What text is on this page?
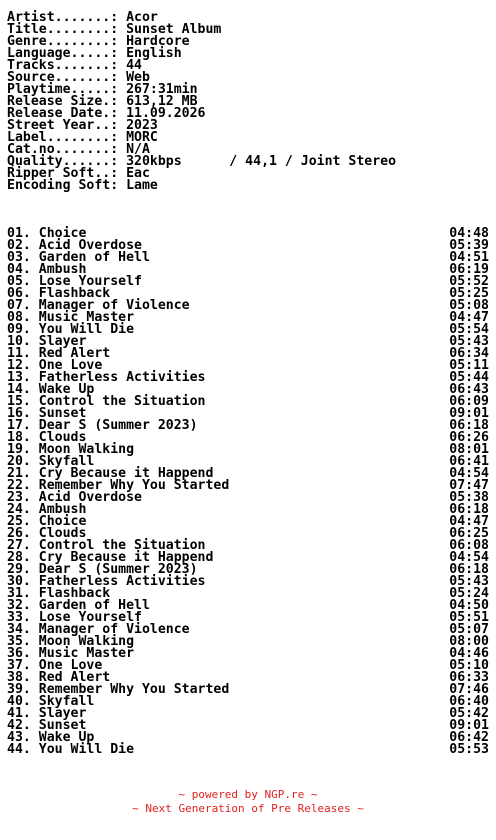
Artist.......: Acor
Title........: Sunset Album
Genre........: Hardcore
Language.....: English
Tracks.......: 44
Source.......: Web
Playtime.....: 267:31min
Release Size.: 613,12 MB
Release Date.: 11.09.2026
Street Year..: 2023
Label........: MORC
Cat.no.......: N/A
Quality......: 320kbps      / 44,1 / Joint Stereo
Ripper Soft..: Eac
Encoding Soft: Lame
01. Choice	04:48
02. Acid Overdose	05:39
03. Garden of Hell	04:51
04. Ambush	06:19
05. Lose Yourself	05:52
06. Flashback	05:25
07. Manager of Violence	05:08
08. Music Master	04:47
09. You Will Die	05:54
10. Slayer	05:43
11. Red Alert	06:34
12. One Love	05:11
13. Fatherless Activities	05:44
14. Wake Up	06:43
15. Control the Situation	06:09
16. Sunset	09:01
17. Dear S (Summer 2023)	06:18
18. Clouds	06:26
19. Moon Walking	08:01
20. Skyfall	06:41
21. Cry Because it Happend	04:54
22. Remember Why You Started	07:47
23. Acid Overdose	05:38
24. Ambush	06:18
25. Choice	04:47
26. Clouds	06:25
27. Control the Situation	06:08
28. Cry Because it Happend	04:54
29. Dear S (Summer 2023)	06:18
30. Fatherless Activities	05:43
31. Flashback	05:24
32. Garden of Hell	04:50
33. Lose Yourself	05:51
34. Manager of Violence	05:07
35. Moon Walking	08:00
36. Music Master	04:46
37. One Love	05:10
38. Red Alert	06:33
39. Remember Why You Started	07:46
40. Skyfall	06:40
41. Slayer	05:42
42. Sunset	09:01
43. Wake Up	06:42
44. You Will Die	05:53
~ powered by NGP.re ~
~ Next Generation of Pre Releases ~
